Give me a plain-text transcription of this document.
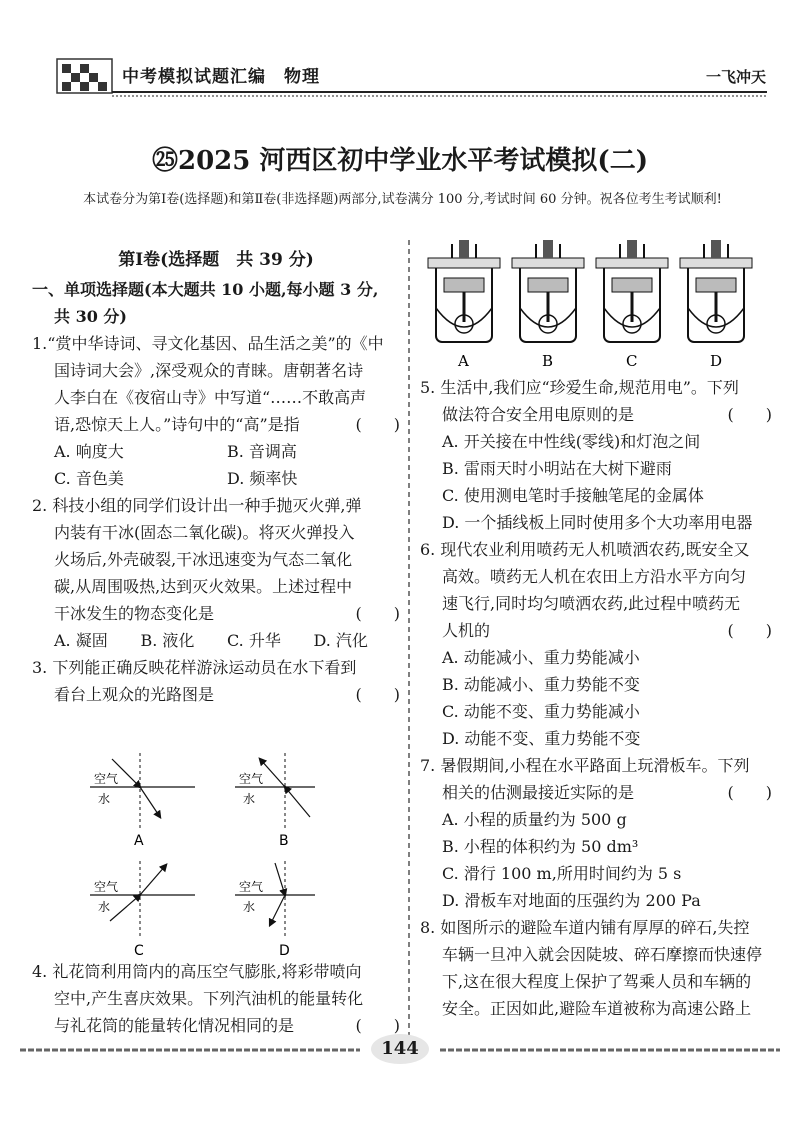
中考模拟试题汇编　物理	一飞冲天
㉕2025 河西区初中学业水平考试模拟(二)
本试卷分为第Ⅰ卷(选择题)和第Ⅱ卷(非选择题)两部分,试卷满分 100 分,考试时间 60 分钟。祝各位考生考试顺利!
第Ⅰ卷(选择题　共 39 分)
一、单项选择题(本大题共 10 小题,每小题 3 分,
共 30 分)
1.“赏中华诗词、寻文化基因、品生活之美”的《中
国诗词大会》,深受观众的青睐。唐朝著名诗
人李白在《夜宿山寺》中写道“……不敢高声
语,恐惊天上人。”诗句中的“高”是指	(　　)
A. 响度大	B. 音调高
C. 音色美	D. 频率快
2. 科技小组的同学们设计出一种手抛灭火弹,弹
内装有干冰(固态二氧化碳)。将灭火弹投入
火场后,外壳破裂,干冰迅速变为气态二氧化
碳,从周围吸热,达到灭火效果。上述过程中
干冰发生的物态变化是	(　　)
A. 凝固	B. 液化	C. 升华	D. 汽化
3. 下列能正确反映花样游泳运动员在水下看到
看台上观众的光路图是	(　　)
空气
水
A
空气
水
B
空气
水
C
空气
水
D
4. 礼花筒利用筒内的高压空气膨胀,将彩带喷向
空中,产生喜庆效果。下列汽油机的能量转化
与礼花筒的能量转化情况相同的是	(　　)
A	B	C	D
5. 生活中,我们应“珍爱生命,规范用电”。下列
做法符合安全用电原则的是	(　　)
A. 开关接在中性线(零线)和灯泡之间
B. 雷雨天时小明站在大树下避雨
C. 使用测电笔时手接触笔尾的金属体
D. 一个插线板上同时使用多个大功率用电器
6. 现代农业利用喷药无人机喷洒农药,既安全又
高效。喷药无人机在农田上方沿水平方向匀
速飞行,同时均匀喷洒农药,此过程中喷药无
人机的	(　　)
A. 动能减小、重力势能减小
B. 动能减小、重力势能不变
C. 动能不变、重力势能减小
D. 动能不变、重力势能不变
7. 暑假期间,小程在水平路面上玩滑板车。下列
相关的估测最接近实际的是	(　　)
A. 小程的质量约为 500 g
B. 小程的体积约为 50 dm³
C. 滑行 100 m,所用时间约为 5 s
D. 滑板车对地面的压强约为 200 Pa
8. 如图所示的避险车道内铺有厚厚的碎石,失控
车辆一旦冲入就会因陡坡、碎石摩擦而快速停
下,这在很大程度上保护了驾乘人员和车辆的
安全。正因如此,避险车道被称为高速公路上
144
